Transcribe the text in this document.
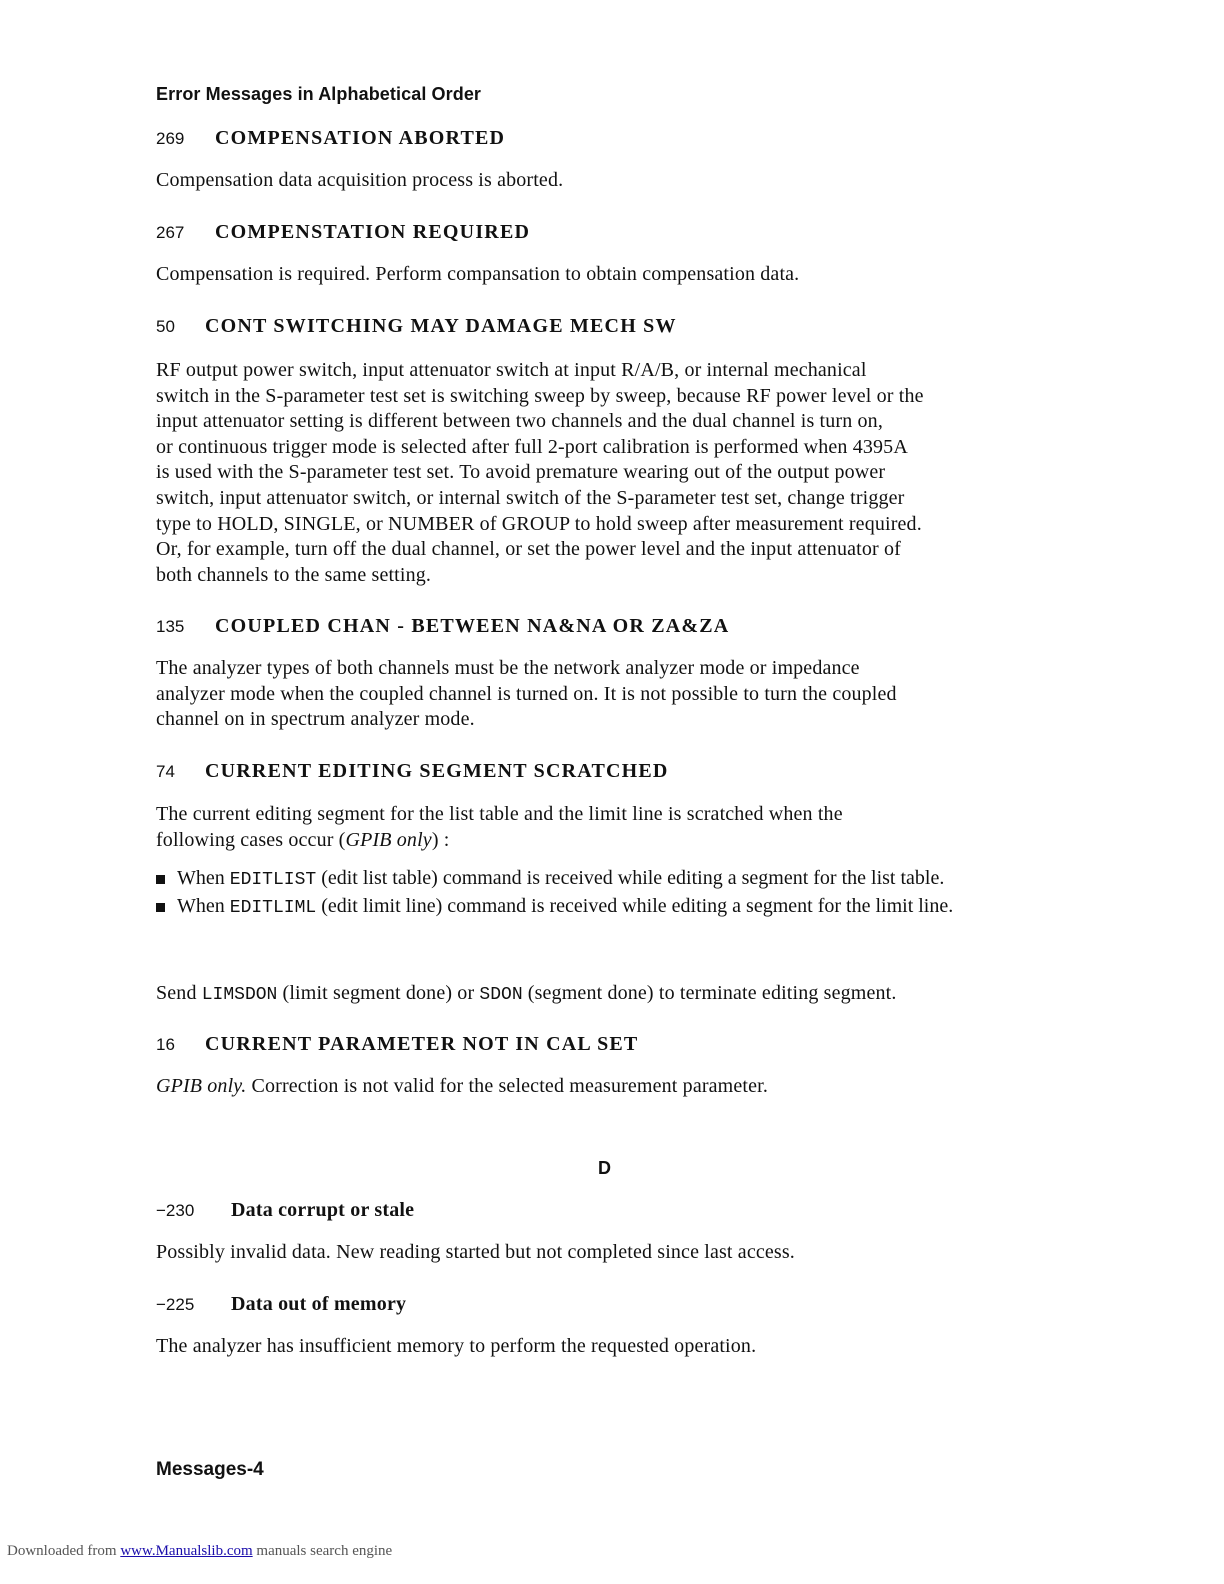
Error Messages in Alphabetical Order
269 COMPENSATION ABORTED
Compensation data acquisition process is aborted.
267 COMPENSTATION REQUIRED
Compensation is required. Perform compansation to obtain compensation data.
50 CONT SWITCHING MAY DAMAGE MECH SW
RF output power switch, input attenuator switch at input R/A/B, or internal mechanical
switch in the S-parameter test set is switching sweep by sweep, because RF power level or the
input attenuator setting is different between two channels and the dual channel is turn on,
or continuous trigger mode is selected after full 2-port calibration is performed when 4395A
is used with the S-parameter test set. To avoid premature wearing out of the output power
switch, input attenuator switch, or internal switch of the S-parameter test set, change trigger
type to HOLD, SINGLE, or NUMBER of GROUP to hold sweep after measurement required.
Or, for example, turn off the dual channel, or set the power level and the input attenuator of
both channels to the same setting.
135 COUPLED CHAN - BETWEEN NA&NA OR ZA&ZA
The analyzer types of both channels must be the network analyzer mode or impedance
analyzer mode when the coupled channel is turned on. It is not possible to turn the coupled
channel on in spectrum analyzer mode.
74 CURRENT EDITING SEGMENT SCRATCHED
The current editing segment for the list table and the limit line is scratched when the
following cases occur (GPIB only) :
When EDITLIST (edit list table) command is received while editing a segment for the list table.
When EDITLIML (edit limit line) command is received while editing a segment for the limit line.
Send LIMSDON (limit segment done) or SDON (segment done) to terminate editing segment.
16 CURRENT PARAMETER NOT IN CAL SET
GPIB only. Correction is not valid for the selected measurement parameter.
D
−230 Data corrupt or stale
Possibly invalid data. New reading started but not completed since last access.
−225 Data out of memory
The analyzer has insufficient memory to perform the requested operation.
Messages-4
Downloaded from www.Manualslib.com manuals search engine
